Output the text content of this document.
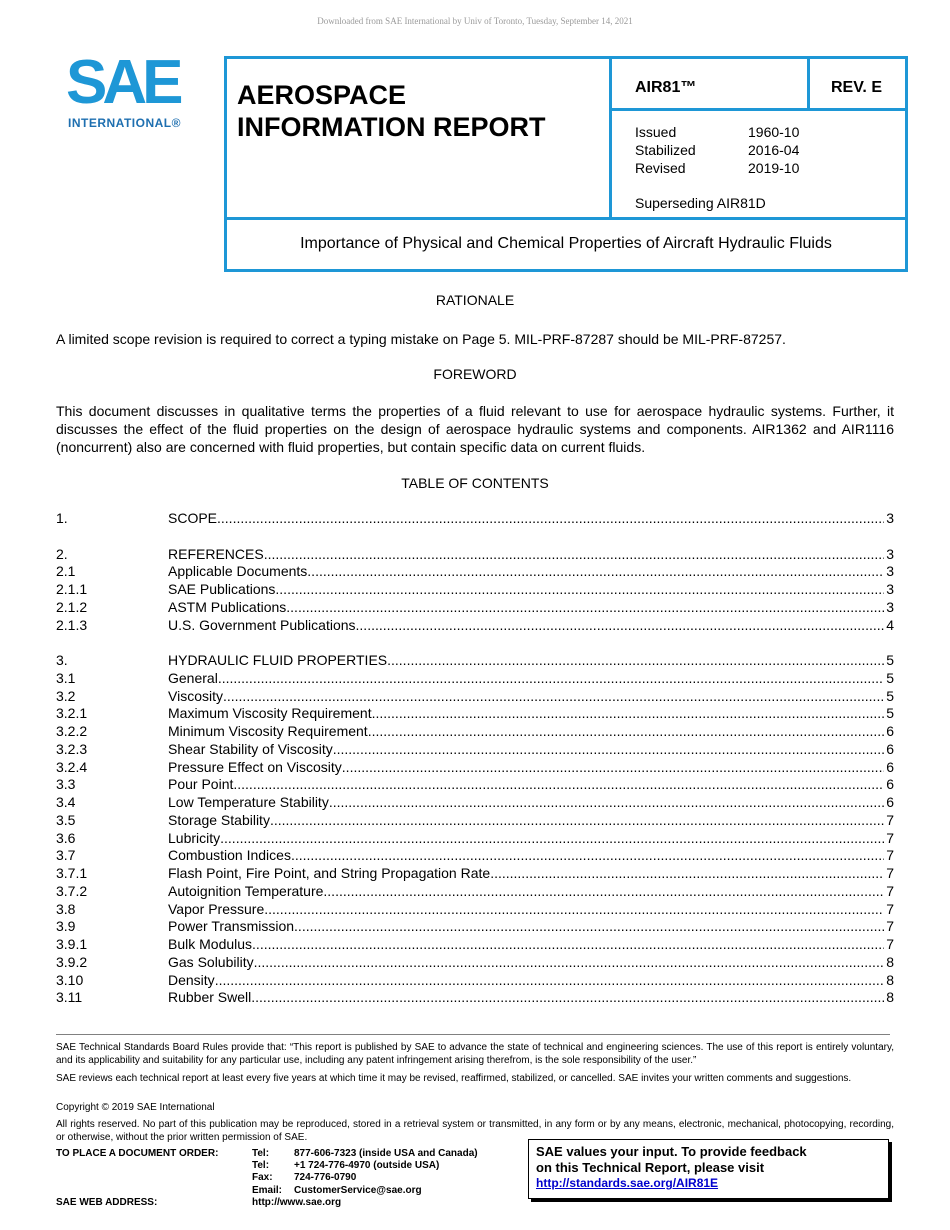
Downloaded from SAE International by Univ of Toronto, Tuesday, September 14, 2021
SAE
INTERNATIONAL®
AEROSPACE
INFORMATION REPORT
AIR81™	REV. E
Issued	1960-10
Stabilized	2016-04
Revised	2019-10
Superseding AIR81D
Importance of Physical and Chemical Properties of Aircraft Hydraulic Fluids
RATIONALE
A limited scope revision is required to correct a typing mistake on Page 5. MIL-PRF-87287 should be MIL-PRF-87257.
FOREWORD
This document discusses in qualitative terms the properties of a fluid relevant to use for aerospace hydraulic systems. Further, it discusses the effect of the fluid properties on the design of aerospace hydraulic systems and components. AIR1362 and AIR1116 (noncurrent) also are concerned with fluid properties, but contain specific data on current fluids.
TABLE OF CONTENTS
1.	SCOPE .....	3
2.	REFERENCES .....	3
2.1	Applicable Documents .....	3
2.1.1	SAE Publications .....	3
2.1.2	ASTM Publications .....	3
2.1.3	U.S. Government Publications .....	4
3.	HYDRAULIC FLUID PROPERTIES .....	5
3.1	General .....	5
3.2	Viscosity .....	5
3.2.1	Maximum Viscosity Requirement .....	5
3.2.2	Minimum Viscosity Requirement .....	6
3.2.3	Shear Stability of Viscosity .....	6
3.2.4	Pressure Effect on Viscosity .....	6
3.3	Pour Point .....	6
3.4	Low Temperature Stability .....	6
3.5	Storage Stability .....	7
3.6	Lubricity .....	7
3.7	Combustion Indices .....	7
3.7.1	Flash Point, Fire Point, and String Propagation Rate .....	7
3.7.2	Autoignition Temperature .....	7
3.8	Vapor Pressure .....	7
3.9	Power Transmission .....	7
3.9.1	Bulk Modulus .....	7
3.9.2	Gas Solubility .....	8
3.10	Density .....	8
3.11	Rubber Swell .....	8
SAE Technical Standards Board Rules provide that: “This report is published by SAE to advance the state of technical and engineering sciences. The use of this report is entirely voluntary, and its applicability and suitability for any particular use, including any patent infringement arising therefrom, is the sole responsibility of the user.”
SAE reviews each technical report at least every five years at which time it may be revised, reaffirmed, stabilized, or cancelled. SAE invites your written comments and suggestions.
Copyright © 2019 SAE International
All rights reserved. No part of this publication may be reproduced, stored in a retrieval system or transmitted, in any form or by any means, electronic, mechanical, photocopying, recording, or otherwise, without the prior written permission of SAE.
TO PLACE A DOCUMENT ORDER:	Tel: 877-606-7323 (inside USA and Canada)
Tel: +1 724-776-4970 (outside USA)
Fax: 724-776-0790
Email: CustomerService@sae.org
SAE WEB ADDRESS:	http://www.sae.org
SAE values your input. To provide feedback
on this Technical Report, please visit
http://standards.sae.org/AIR81E
